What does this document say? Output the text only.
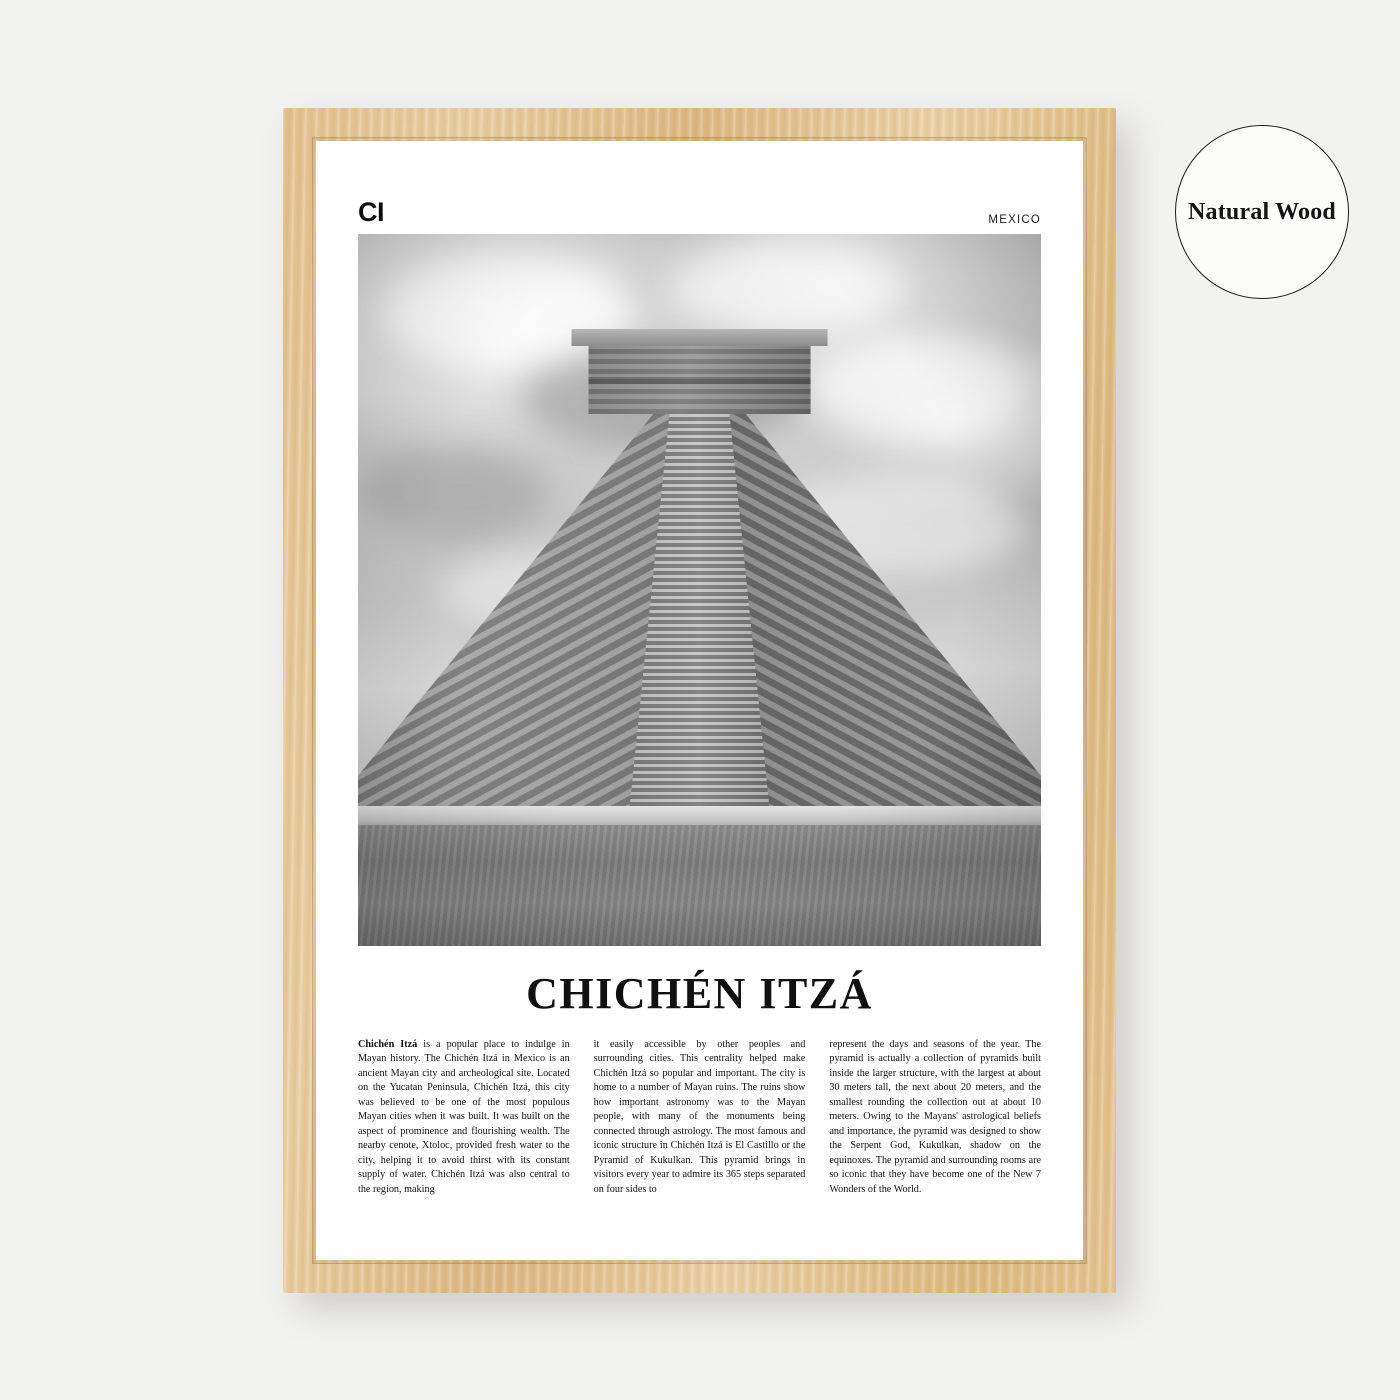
CI	MEXICO
CHICHÉN ITZÁ
Chichén Itzá is a popular place to indulge in Mayan history. The Chichén Itzá in Mexico is an ancient Mayan city and archeological site. Located on the Yucatan Peninsula, Chichén Itzá, this city was believed to be one of the most populous Mayan cities when it was built. It was built on the aspect of prominence and flourishing wealth. The nearby cenote, Xtoloc, provided fresh water to the city, helping it to avoid thirst with its constant supply of water. Chichén Itzá was also central to the region, making
it easily accessible by other peoples and surrounding cities. This centrality helped make Chichén Itzá so popular and important. The city is home to a number of Mayan ruins. The ruins show how important astronomy was to the Mayan people, with many of the monuments being connected through astrology. The most famous and iconic structure in Chichén Itzá is El Castillo or the Pyramid of Kukulkan. This pyramid brings in visitors every year to admire its 365 steps separated on four sides to
represent the days and seasons of the year. The pyramid is actually a collection of pyramids built inside the larger structure, with the largest at about 30 meters tall, the next about 20 meters, and the smallest rounding the collection out at about 10 meters. Owing to the Mayans' astrological beliefs and importance, the pyramid was designed to show the Serpent God, Kukulkan, shadow on the equinoxes. The pyramid and surrounding rooms are so iconic that they have become one of the New 7 Wonders of the World.
Natural Wood
